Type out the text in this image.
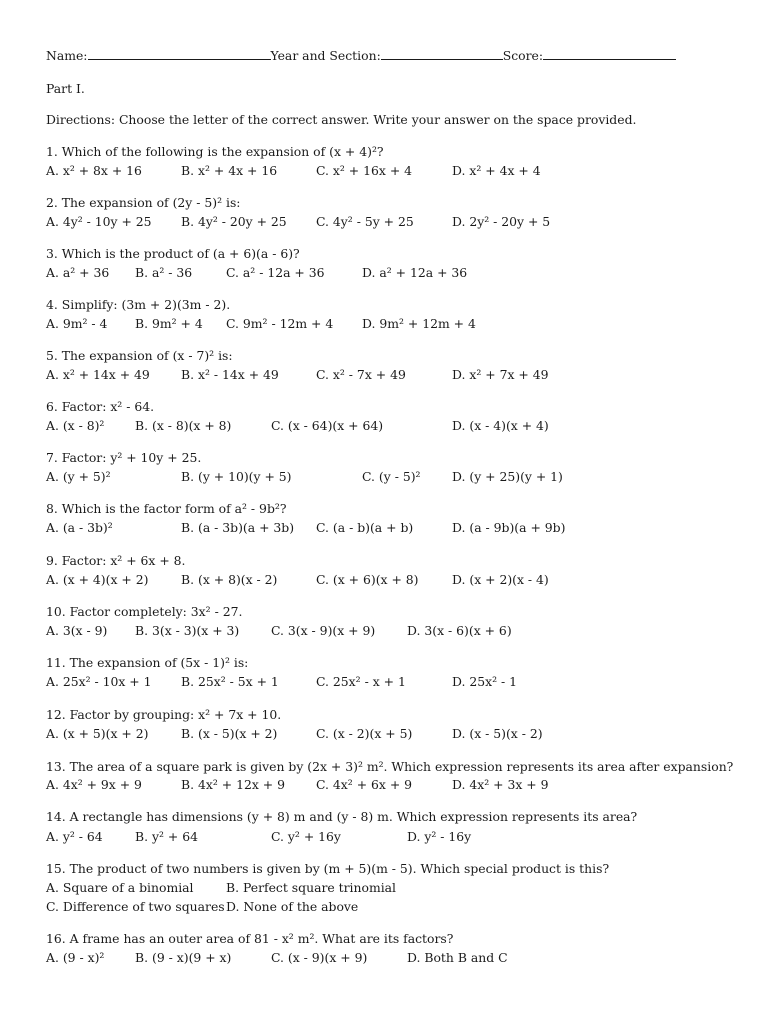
Name:	Year and Section:	Score:
Part I.
Directions: Choose the letter of the correct answer. Write your answer on the space provided.
1. Which of the following is the expansion of (x + 4)²?
A. x² + 8x + 16	B. x² + 4x + 16	C. x² + 16x + 4	D. x² + 4x + 4
2. The expansion of (2y - 5)² is:
A. 4y² - 10y + 25 B. 4y² - 20y + 25 C. 4y² - 5y + 25	D. 2y² - 20y + 5
3. Which is the product of (a + 6)(a - 6)?
A. a² + 36 B. a² - 36	C. a² - 12a + 36	D. a² + 12a + 36
4. Simplify: (3m + 2)(3m - 2).
A. 9m² - 4 B. 9m² + 4 C. 9m² - 12m + 4 D. 9m² + 12m + 4
5. The expansion of (x - 7)² is:
A. x² + 14x + 49	B. x² - 14x + 49	C. x² - 7x + 49	D. x² + 7x + 49
6. Factor: x² - 64.
A. (x - 8)² B. (x - 8)(x + 8)	C. (x - 64)(x + 64)	D. (x - 4)(x + 4)
7. Factor: y² + 10y + 25.
A. (y + 5)²	B. (y + 10)(y + 5)	C. (y - 5)²	D. (y + 25)(y + 1)
8. Which is the factor form of a² - 9b²?
A. (a - 3b)²	B. (a - 3b)(a + 3b) C. (a - b)(a + b)	D. (a - 9b)(a + 9b)
9. Factor: x² + 6x + 8.
A. (x + 4)(x + 2)	B. (x + 8)(x - 2)	C. (x + 6)(x + 8)	D. (x + 2)(x - 4)
10. Factor completely: 3x² - 27.
A. 3(x - 9) B. 3(x - 3)(x + 3)	C. 3(x - 9)(x + 9)	D. 3(x - 6)(x + 6)
11. The expansion of (5x - 1)² is:
A. 25x² - 10x + 1 B. 25x² - 5x + 1	C. 25x² - x + 1	D. 25x² - 1
12. Factor by grouping: x² + 7x + 10.
A. (x + 5)(x + 2)	B. (x - 5)(x + 2)	C. (x - 2)(x + 5)	D. (x - 5)(x - 2)
13. The area of a square park is given by (2x + 3)² m². Which expression represents its area after expansion?
A. 4x² + 9x + 9	B. 4x² + 12x + 9	C. 4x² + 6x + 9	D. 4x² + 3x + 9
14. A rectangle has dimensions (y + 8) m and (y - 8) m. Which expression represents its area?
A. y² - 64	B. y² + 64	C. y² + 16y	D. y² - 16y
15. The product of two numbers is given by (m + 5)(m - 5). Which special product is this?
A. Square of a binomial	B. Perfect square trinomial
C. Difference of two squares D. None of the above
16. A frame has an outer area of 81 - x² m². What are its factors?
A. (9 - x)² B. (9 - x)(9 + x)	C. (x - 9)(x + 9)	D. Both B and C
